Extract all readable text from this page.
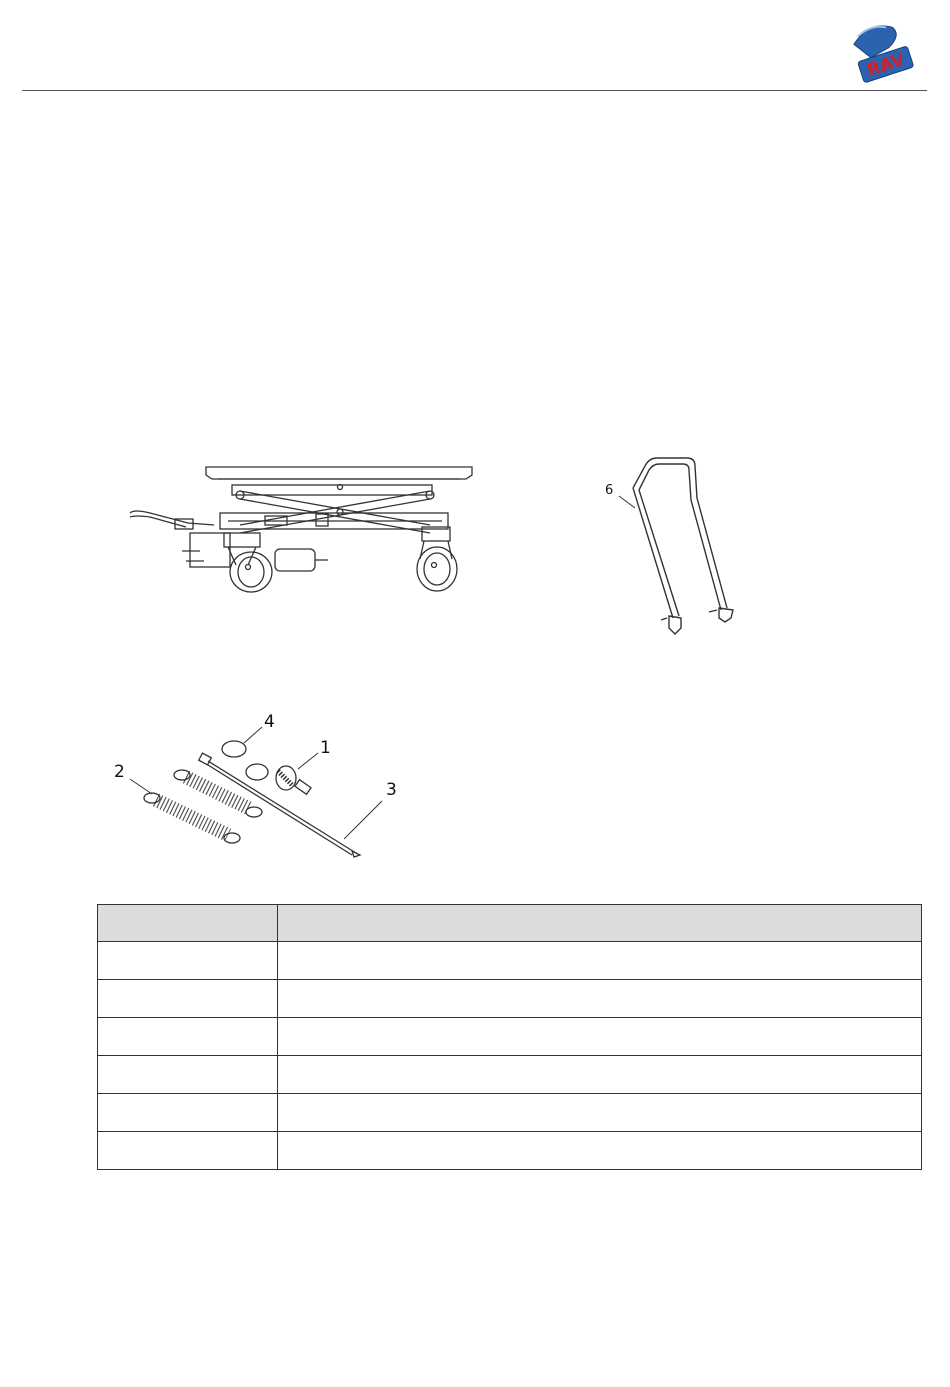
RAV
6
2
4
1
3
